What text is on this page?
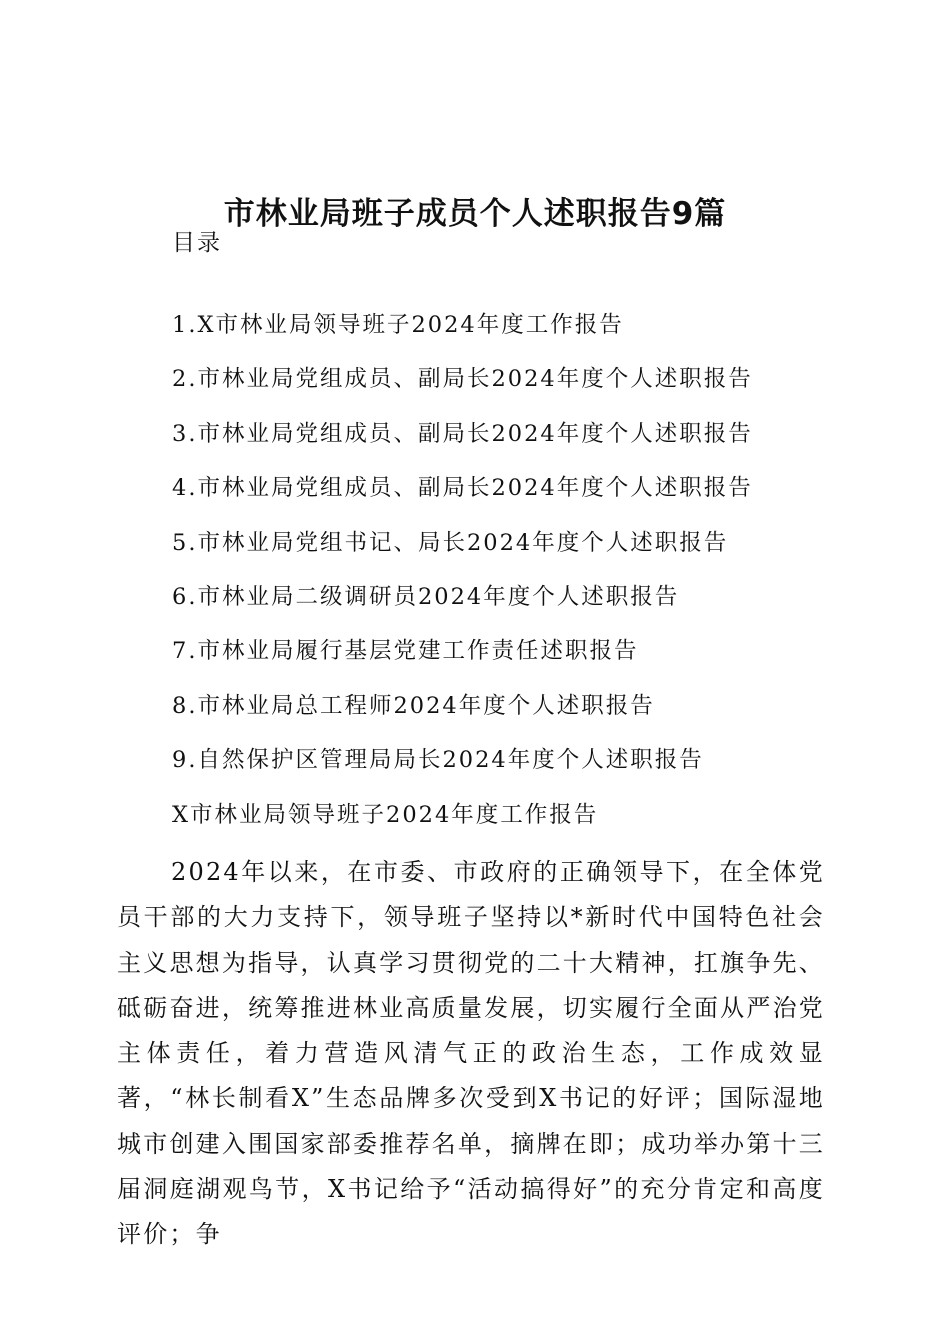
市林业局班子成员个人述职报告9篇
目录
1.X市林业局领导班子2024年度工作报告
2.市林业局党组成员、副局长2024年度个人述职报告
3.市林业局党组成员、副局长2024年度个人述职报告
4.市林业局党组成员、副局长2024年度个人述职报告
5.市林业局党组书记、局长2024年度个人述职报告
6.市林业局二级调研员2024年度个人述职报告
7.市林业局履行基层党建工作责任述职报告
8.市林业局总工程师2024年度个人述职报告
9.自然保护区管理局局长2024年度个人述职报告
X市林业局领导班子2024年度工作报告

2024年以来，在市委、市政府的正确领导下，在全体党员干部的大力支持下，领导班子坚持以*新时代中国特色社会主义思想为指导，认真学习贯彻党的二十大精神，扛旗争先、砥砺奋进，统筹推进林业高质量发展，切实履行全面从严治党主体责任，着力营造风清气正的政治生态，工作成效显著，“林长制看X”生态品牌多次受到X书记的好评；国际湿地城市创建入围国家部委推荐名单，摘牌在即；成功举办第十三届洞庭湖观鸟节，X书记给予“活动搞得好”的充分肯定和高度评价；争
